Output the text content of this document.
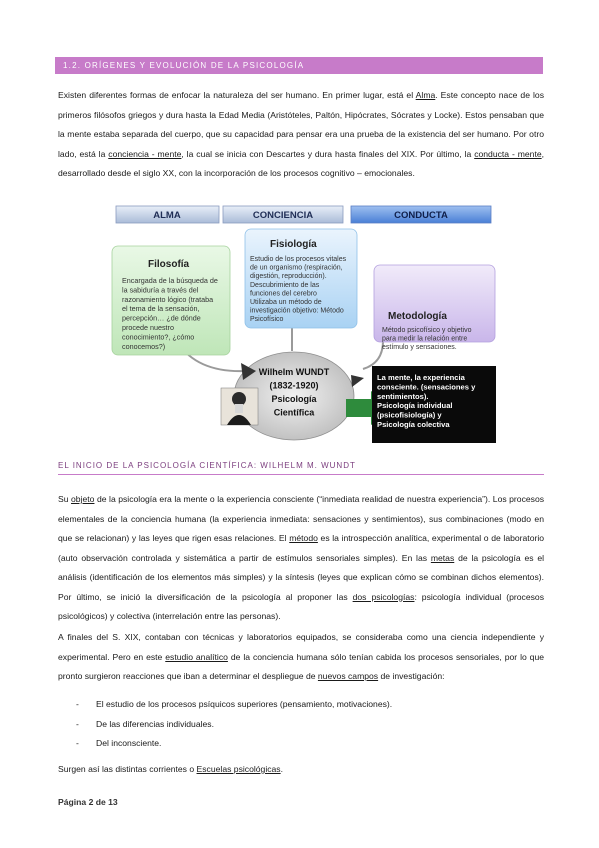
1.2. ORÍGENES Y EVOLUCIÓN DE LA PSICOLOGÍA

Existen diferentes formas de enfocar la naturaleza del ser humano. En primer lugar, está el Alma. Este concepto nace de los primeros filósofos griegos y dura hasta la Edad Media (Aristóteles, Paltón, Hipócrates, Sócrates y Locke). Estos pensaban que la mente estaba separada del cuerpo, que su capacidad para pensar era una prueba de la existencia del ser humano. Por otro lado, está la conciencia - mente, la cual se inicia con Descartes y dura hasta finales del XIX. Por último, la conducta - mente, desarrollado desde el siglo XX, con la incorporación de los procesos cognitivo – emocionales.

ALMA	CONCIENCIA	CONDUCTA
Filosofía
Encargada de la búsqueda de
la sabiduría a través del
razonamiento lógico (trataba
el tema de la sensación,
percepción… ¿de dónde
procede nuestro
conocimiento?, ¿cómo
conocemos?)
Fisiología
Estudio de los procesos vitales
de un organismo (respiración,
digestión, reproducción).
Descubrimiento de las
funciones del cerebro
Utilizaba un método de
investigación objetivo: Método
Psicofísico	Metodología
Método psicofísico y objetivo
para medir la relación entre
estímulo y sensaciones.
Wilhelm WUNDT
(1832-1920)
Psicología
Científica
La mente, la experiencia
consciente. (sensaciones y
sentimientos).
Psicología individual
(psicofisiología) y
Psicología colectiva
EL INICIO DE LA PSICOLOGÍA CIENTÍFICA: WILHELM M. WUNDT

Su objeto de la psicología era la mente o la experiencia consciente (“inmediata realidad de nuestra experiencia”). Los procesos elementales de la conciencia humana (la experiencia inmediata: sensaciones y sentimientos), sus combinaciones (modo en que se relacionan) y las leyes que rigen esas relaciones. El método es la introspección analítica, experimental o de laboratorio (auto observación controlada y sistemática a partir de estímulos sensoriales simples). En las metas de la psicología es el análisis (identificación de los elementos más simples) y la síntesis (leyes que explican cómo se combinan dichos elementos). Por último, se inició la diversificación de la psicología al proponer las dos psicologías: psicología individual (procesos psicológicos) y colectiva (interrelación entre las personas).

A finales del S. XIX, contaban con técnicas y laboratorios equipados, se consideraba como una ciencia independiente y experimental. Pero en este estudio analítico de la conciencia humana sólo tenían cabida los procesos sensoriales, por lo que pronto surgieron reacciones que iban a determinar el despliegue de nuevos campos de investigación:

- El estudio de los procesos psíquicos superiores (pensamiento, motivaciones).
- De las diferencias individuales.
- Del inconsciente.

Surgen así las distintas corrientes o Escuelas psicológicas.

Página 2 de 13
